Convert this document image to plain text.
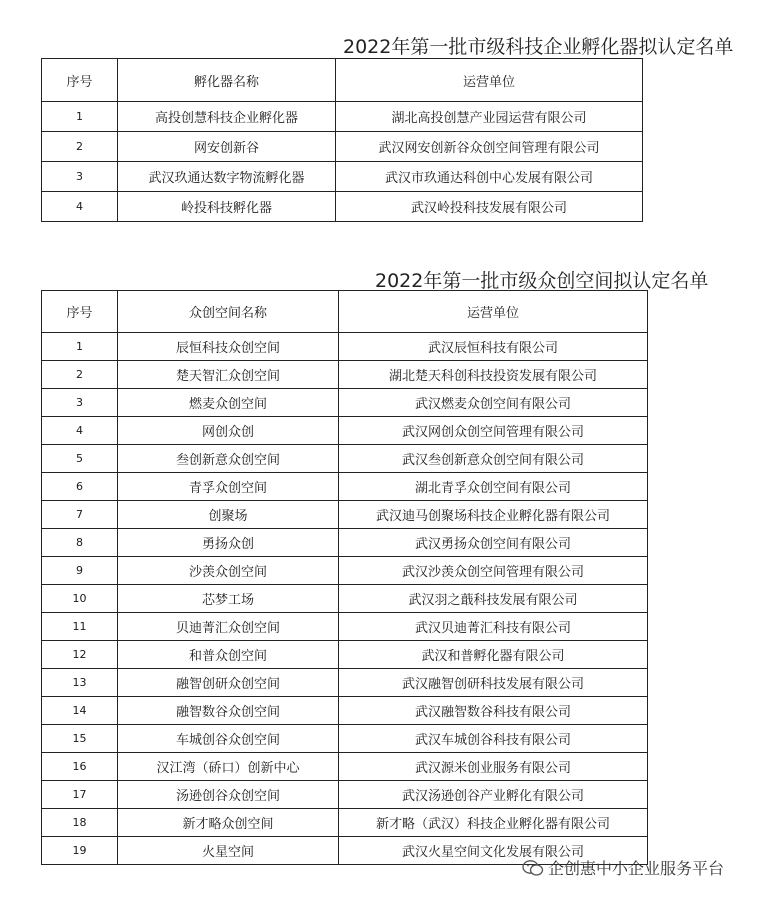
2022年第一批市级科技企业孵化器拟认定名单
序号	孵化器名称	运营单位
1	高投创慧科技企业孵化器	湖北高投创慧产业园运营有限公司
2	网安创新谷	武汉网安创新谷众创空间管理有限公司
3	武汉玖通达数字物流孵化器	武汉市玖通达科创中心发展有限公司
4	岭投科技孵化器	武汉岭投科技发展有限公司
2022年第一批市级众创空间拟认定名单
序号	众创空间名称	运营单位
1	辰恒科技众创空间	武汉辰恒科技有限公司
2	楚天智汇众创空间	湖北楚天科创科技投资发展有限公司
3	燃麦众创空间	武汉燃麦众创空间有限公司
4	网创众创	武汉网创众创空间管理有限公司
5	叁创新意众创空间	武汉叁创新意众创空间有限公司
6	青孚众创空间	湖北青孚众创空间有限公司
7	创聚场	武汉迪马创聚场科技企业孵化器有限公司
8	勇扬众创	武汉勇扬众创空间有限公司
9	沙羡众创空间	武汉沙羡众创空间管理有限公司
10	芯梦工场	武汉羽之蕺科技发展有限公司
11	贝迪菁汇众创空间	武汉贝迪菁汇科技有限公司
12	和普众创空间	武汉和普孵化器有限公司
13	融智创研众创空间	武汉融智创研科技发展有限公司
14	融智数谷众创空间	武汉融智数谷科技有限公司
15	车城创谷众创空间	武汉车城创谷科技有限公司
16	汉江湾（硚口）创新中心	武汉源米创业服务有限公司
17	汤逊创谷众创空间	武汉汤逊创谷产业孵化有限公司
18	新才略众创空间	新才略（武汉）科技企业孵化器有限公司
19	火星空间	武汉火星空间文化发展有限公司
企创惠中小企业服务平台
